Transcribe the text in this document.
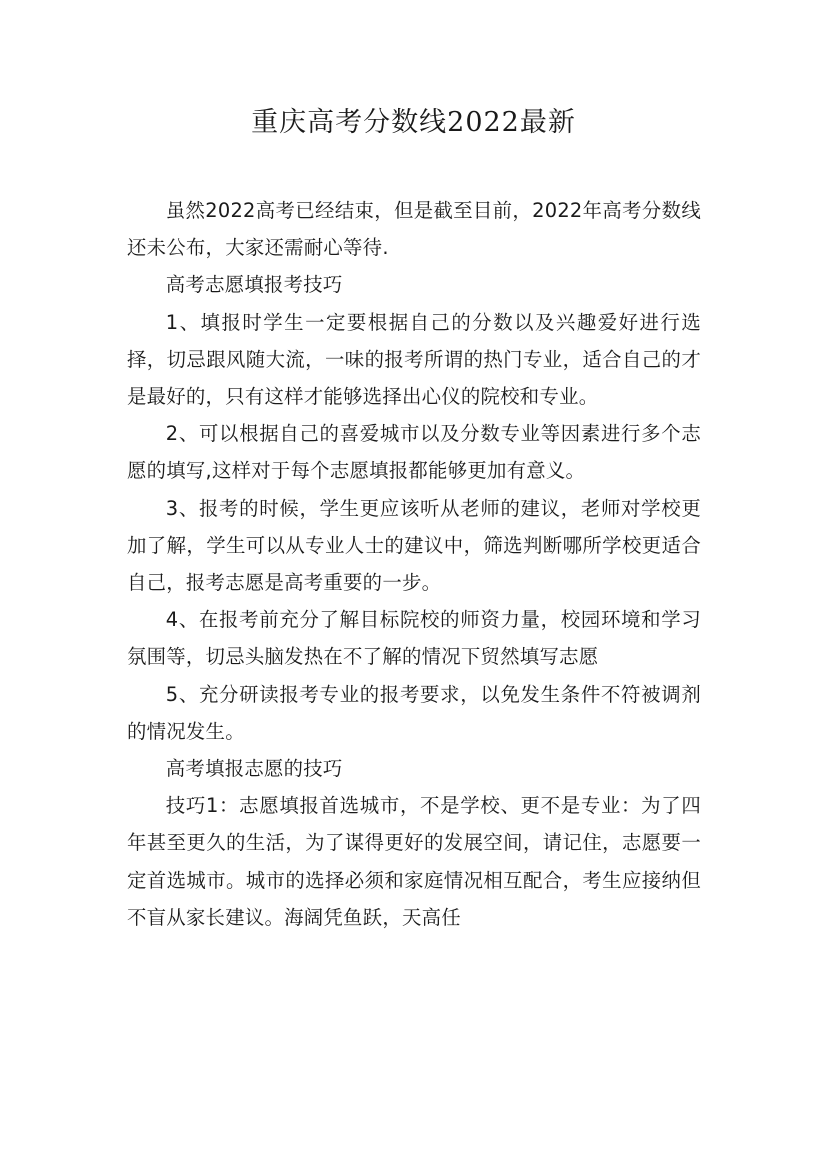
重庆高考分数线2022最新

虽然2022高考已经结束，但是截至目前，2022年高考分数线还未公布，大家还需耐心等待.

高考志愿填报考技巧

1、填报时学生一定要根据自己的分数以及兴趣爱好进行选择，切忌跟风随大流，一味的报考所谓的热门专业，适合自己的才是最好的，只有这样才能够选择出心仪的院校和专业。

2、可以根据自己的喜爱城市以及分数专业等因素进行多个志愿的填写,这样对于每个志愿填报都能够更加有意义。

3、报考的时候，学生更应该听从老师的建议，老师对学校更加了解，学生可以从专业人士的建议中，筛选判断哪所学校更适合自己，报考志愿是高考重要的一步。

4、在报考前充分了解目标院校的师资力量，校园环境和学习氛围等，切忌头脑发热在不了解的情况下贸然填写志愿

5、充分研读报考专业的报考要求，以免发生条件不符被调剂的情况发生。

高考填报志愿的技巧

技巧1：志愿填报首选城市，不是学校、更不是专业：为了四年甚至更久的生活，为了谋得更好的发展空间，请记住，志愿要一定首选城市。城市的选择必须和家庭情况相互配合，考生应接纳但不盲从家长建议。海阔凭鱼跃，天高任
